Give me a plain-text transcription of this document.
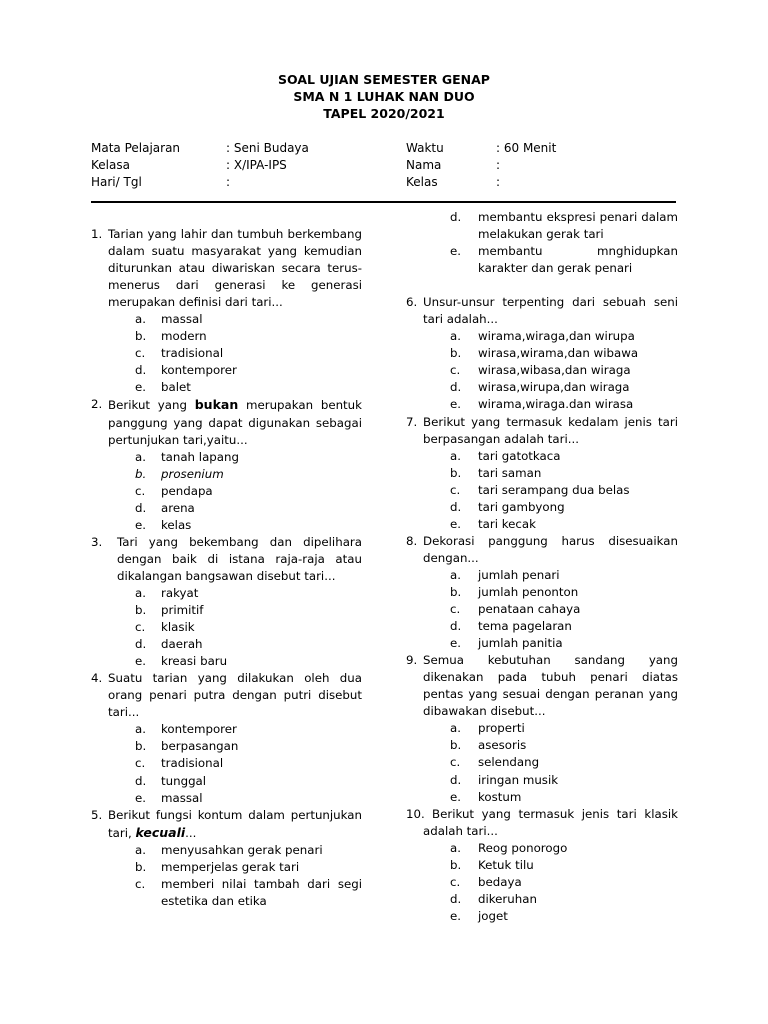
SOAL UJIAN SEMESTER GENAP
SMA N 1 LUHAK NAN DUO
TAPEL 2020/2021
Mata Pelajaran	: Seni Budaya
Kelasa	: X/IPA-IPS
Hari/ Tgl	:
Waktu	: 60 Menit
Nama	:
Kelas	:
1. Tarian yang lahir dan tumbuh berkembang dalam suatu masyarakat yang kemudian diturunkan atau diwariskan secara terus-menerus dari generasi ke generasi merupakan definisi dari tari...
a. massal
b. modern
c. tradisional
d. kontemporer
e. balet
2. Berikut yang bukan merupakan bentuk panggung yang dapat digunakan sebagai pertunjukan tari,yaitu...
a. tanah lapang
b. prosenium
c. pendapa
d. arena
e. kelas
3. Tari yang bekembang dan dipelihara dengan baik di istana raja-raja atau dikalangan bangsawan disebut tari...
a. rakyat
b. primitif
c. klasik
d. daerah
e. kreasi baru
4. Suatu tarian yang dilakukan oleh dua orang penari putra dengan putri disebut tari...
a. kontemporer
b. berpasangan
c. tradisional
d. tunggal
e. massal
5. Berikut fungsi kontum dalam pertunjukan tari, kecuali...
a. menyusahkan gerak penari
b. memperjelas gerak tari
c. memberi nilai tambah dari segi estetika dan etika
d. membantu ekspresi penari dalam melakukan gerak tari
e. membantu mnghidupkan karakter dan gerak penari
6. Unsur-unsur terpenting dari sebuah seni tari adalah...
a. wirama,wiraga,dan wirupa
b. wirasa,wirama,dan wibawa
c. wirasa,wibasa,dan wiraga
d. wirasa,wirupa,dan wiraga
e. wirama,wiraga.dan wirasa
7. Berikut yang termasuk kedalam jenis tari berpasangan adalah tari...
a. tari gatotkaca
b. tari saman
c. tari serampang dua belas
d. tari gambyong
e. tari kecak
8. Dekorasi panggung harus disesuaikan dengan...
a. jumlah penari
b. jumlah penonton
c. penataan cahaya
d. tema pagelaran
e. jumlah panitia
9. Semua kebutuhan sandang yang dikenakan pada tubuh penari diatas pentas yang sesuai dengan peranan yang dibawakan disebut...
a. properti
b. asesoris
c. selendang
d. iringan musik
e. kostum
10. Berikut yang termasuk jenis tari klasik adalah tari...
a. Reog ponorogo
b. Ketuk tilu
c. bedaya
d. dikeruhan
e. joget
